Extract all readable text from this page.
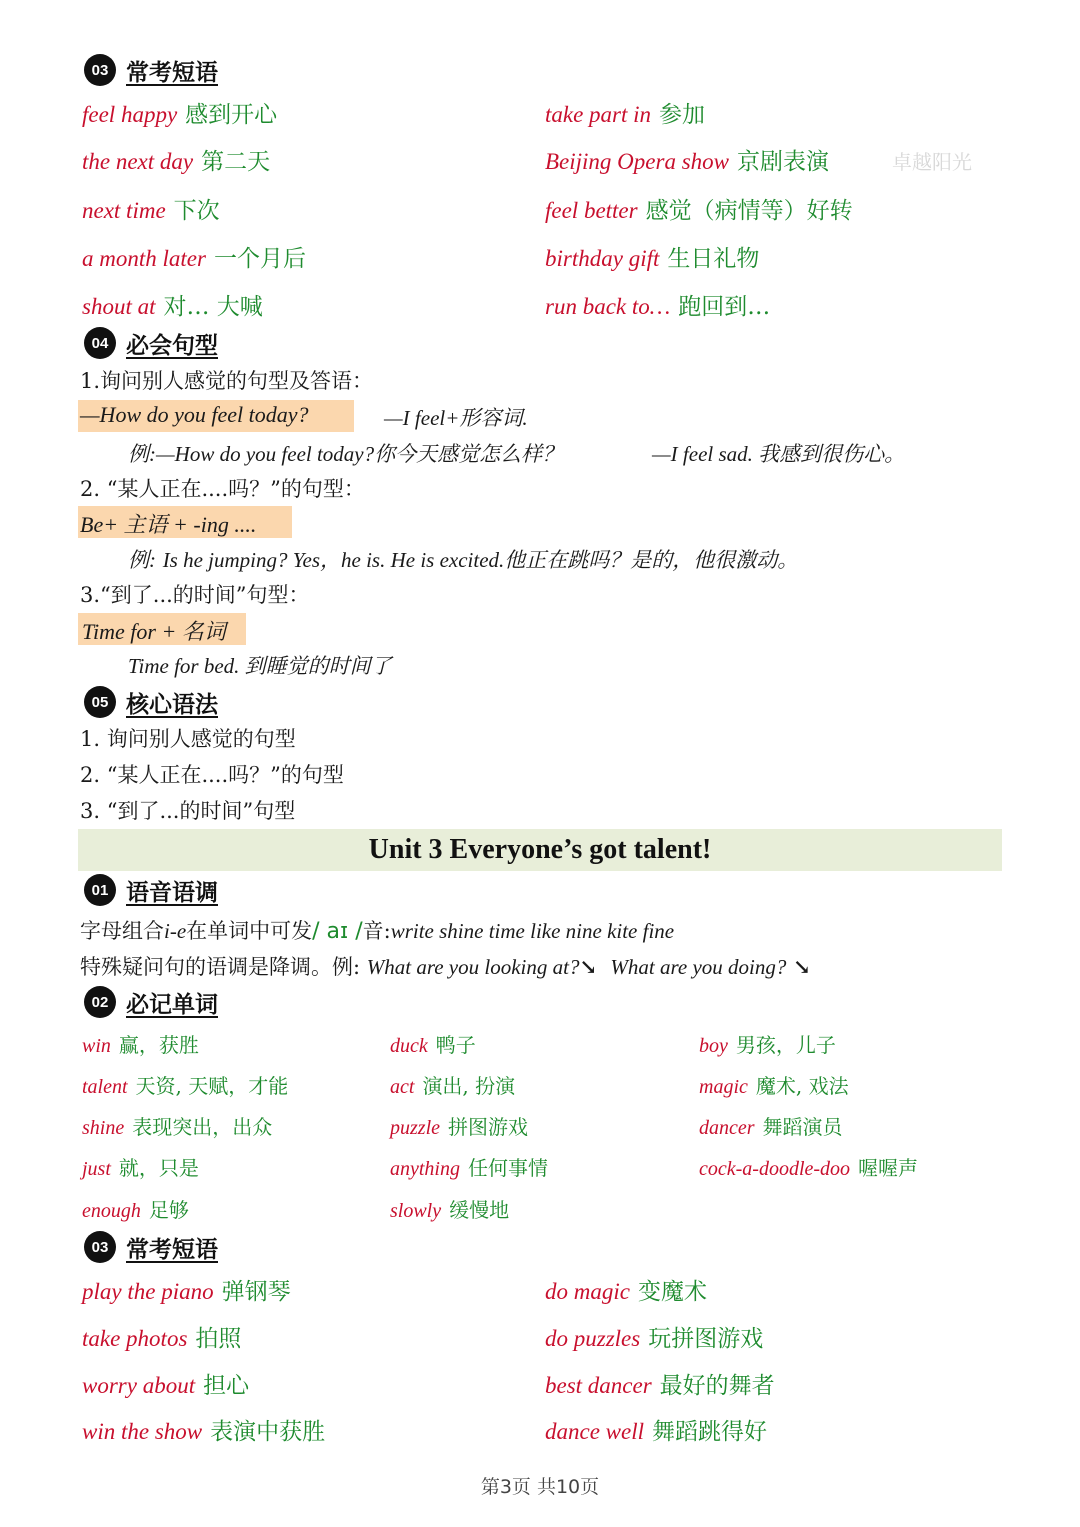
03 常考短语
feel happy 感到开心	take part in 参加
the next day 第二天	Beijing Opera show 京剧表演	卓越阳光
next time 下次	feel better 感觉（病情等）好转
a month later 一个月后	birthday gift 生日礼物
shout at 对… 大喊	run back to… 跑回到…
04 必会句型
1.询问别人感觉的句型及答语：
—How do you feel today?	—I feel+形容词.
例:—How do you feel today?你今天感觉怎么样？	—I feel sad. 我感到很伤心。
2. “某人正在....吗？”的句型：
Be+ 主语 + -ing ....
例: Is he jumping? Yes，he is. He is excited.他正在跳吗？是的，他很激动。
3.“到了...的时间”句型：
Time for + 名词
Time for bed. 到睡觉的时间了
05 核心语法
1. 询问别人感觉的句型
2. “某人正在....吗？”的句型
3. “到了...的时间”句型
Unit 3 Everyone’s got talent!
01 语音语调
字母组合i-e在单词中可发/ aɪ /音:write shine time like nine kite fine
特殊疑问句的语调是降调。例: What are you looking at?↘ What are you doing? ↘
02 必记单词
win 赢，获胜	duck 鸭子	boy 男孩，儿子
talent 天资, 天赋，才能	act 演出, 扮演	magic 魔术, 戏法
shine 表现突出，出众	puzzle 拼图游戏	dancer 舞蹈演员
just 就，只是	anything 任何事情	cock-a-doodle-doo 喔喔声
enough 足够	slowly 缓慢地
03 常考短语
play the piano 弹钢琴	do magic 变魔术
take photos 拍照	do puzzles 玩拼图游戏
worry about 担心	best dancer 最好的舞者
win the show 表演中获胜	dance well 舞蹈跳得好
第3页 共10页
